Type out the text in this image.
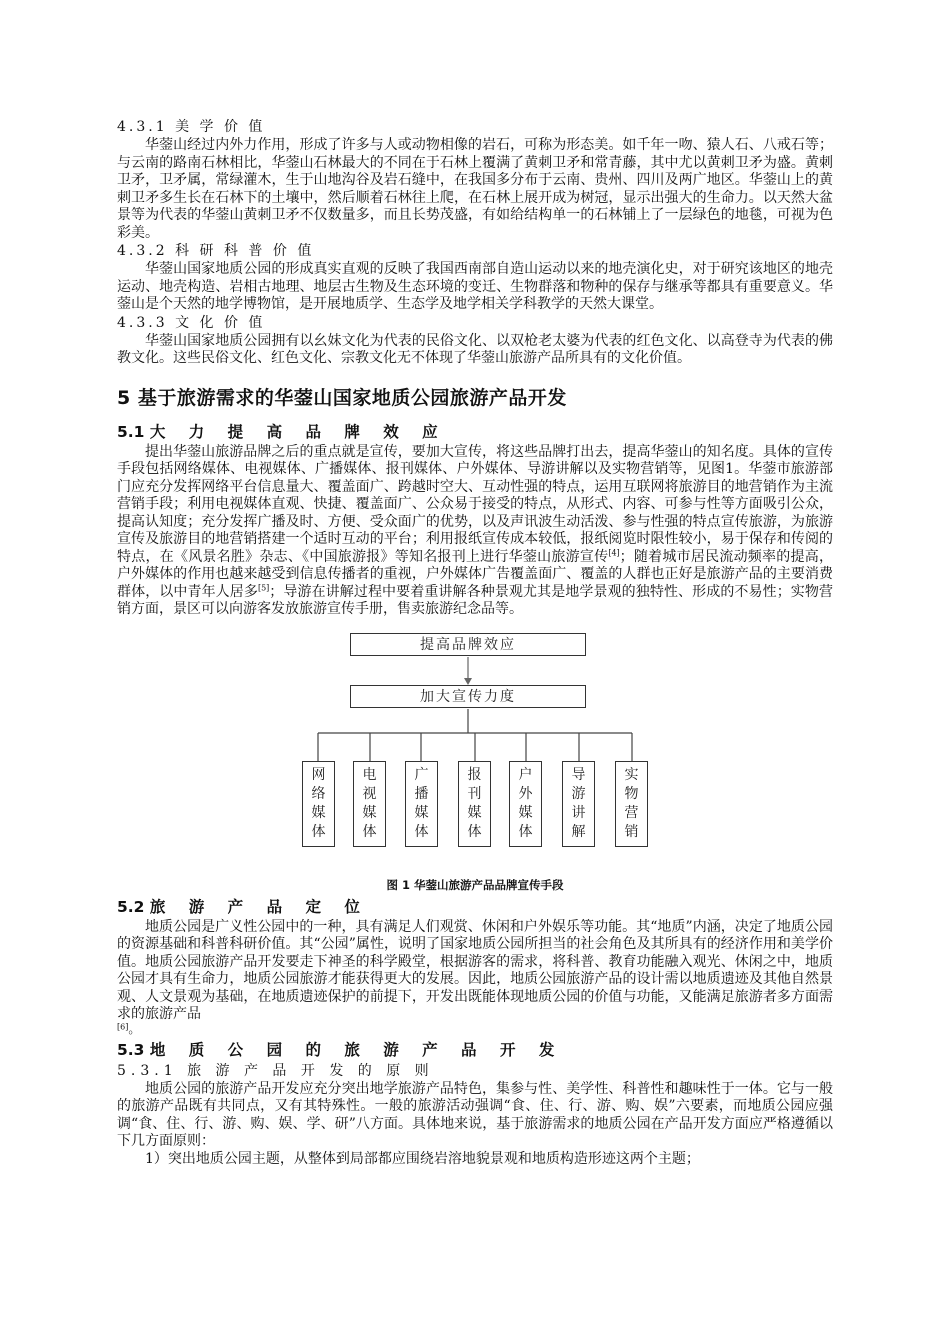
4.3.1 美 学 价 值

华蓥山经过内外力作用，形成了许多与人或动物相像的岩石，可称为形态美。如千年一吻、猿人石、八戒石等；与云南的路南石林相比，华蓥山石林最大的不同在于石林上覆满了黄刺卫矛和常青藤，其中尤以黄刺卫矛为盛。黄刺卫矛，卫矛属，常绿灌木，生于山地沟谷及岩石缝中，在我国多分布于云南、贵州、四川及两广地区。华蓥山上的黄刺卫矛多生长在石林下的土壤中，然后顺着石林往上爬，在石林上展开成为树冠，显示出强大的生命力。以天然大盆景等为代表的华蓥山黄刺卫矛不仅数量多，而且长势茂盛，有如给结构单一的石林铺上了一层绿色的地毯，可视为色彩美。

4.3.2 科 研 科 普 价 值

华蓥山国家地质公园的形成真实直观的反映了我国西南部自造山运动以来的地壳演化史，对于研究该地区的地壳运动、地壳构造、岩相古地理、地层古生物及生态环境的变迁、生物群落和物种的保存与继承等都具有重要意义。华蓥山是个天然的地学博物馆，是开展地质学、生态学及地学相关学科教学的天然大课堂。

4.3.3 文 化 价 值

华蓥山国家地质公园拥有以幺妹文化为代表的民俗文化、以双枪老太婆为代表的红色文化、以高登寺为代表的佛教文化。这些民俗文化、红色文化、宗教文化无不体现了华蓥山旅游产品所具有的文化价值。

5 基于旅游需求的华蓥山国家地质公园旅游产品开发
5.1 大 力 提 高 品 牌 效 应

提出华蓥山旅游品牌之后的重点就是宣传，要加大宣传，将这些品牌打出去，提高华蓥山的知名度。具体的宣传手段包括网络媒体、电视媒体、广播媒体、报刊媒体、户外媒体、导游讲解以及实物营销等，见图1。华蓥市旅游部门应充分发挥网络平台信息量大、覆盖面广、跨越时空大、互动性强的特点，运用互联网将旅游目的地营销作为主流营销手段；利用电视媒体直观、快捷、覆盖面广、公众易于接受的特点，从形式、内容、可参与性等方面吸引公众，提高认知度；充分发挥广播及时、方便、受众面广的优势，以及声讯波生动活泼、参与性强的特点宣传旅游，为旅游宣传及旅游目的地营销搭建一个适时互动的平台；利用报纸宣传成本较低，报纸阅览时限性较小，易于保存和传阅的特点，在《风景名胜》杂志、《中国旅游报》等知名报刊上进行华蓥山旅游宣传[4]；随着城市居民流动频率的提高，户外媒体的作用也越来越受到信息传播者的重视，户外媒体广告覆盖面广、覆盖的人群也正好是旅游产品的主要消费群体，以中青年人居多[5]；导游在讲解过程中要着重讲解各种景观尤其是地学景观的独特性、形成的不易性；实物营销方面，景区可以向游客发放旅游宣传手册，售卖旅游纪念品等。

提高品牌效应
加大宣传力度
网
络
媒
体
电
视
媒
体
广
播
媒
体
报
刊
媒
体
户
外
媒
体
导
游
讲
解
实
物
营
销

图 1 华蓥山旅游产品品牌宣传手段

5.2 旅 游 产 品 定 位

地质公园是广义性公园中的一种，具有满足人们观赏、休闲和户外娱乐等功能。其“地质”内涵，决定了地质公园的资源基础和科普科研价值。其“公园”属性，说明了国家地质公园所担当的社会角色及其所具有的经济作用和美学价值。地质公园旅游产品开发要走下神圣的科学殿堂，根据游客的需求，将科普、教育功能融入观光、休闲之中，地质公园才具有生命力，地质公园旅游才能获得更大的发展。因此，地质公园旅游产品的设计需以地质遗迹及其他自然景观、人文景观为基础，在地质遗迹保护的前提下，开发出既能体现地质公园的价值与功能，又能满足旅游者多方面需求的旅游产品

[6]。

5.3 地 质 公 园 的 旅 游 产 品 开 发

5.3.1 旅 游 产 品 开 发 的 原 则

地质公园的旅游产品开发应充分突出地学旅游产品特色，集参与性、美学性、科普性和趣味性于一体。它与一般的旅游产品既有共同点，又有其特殊性。一般的旅游活动强调“食、住、行、游、购、娱”六要素，而地质公园应强调“食、住、行、游、购、娱、学、研”八方面。具体地来说，基于旅游需求的地质公园在产品开发方面应严格遵循以下几方面原则：

1）突出地质公园主题，从整体到局部都应围绕岩溶地貌景观和地质构造形迹这两个主题；
